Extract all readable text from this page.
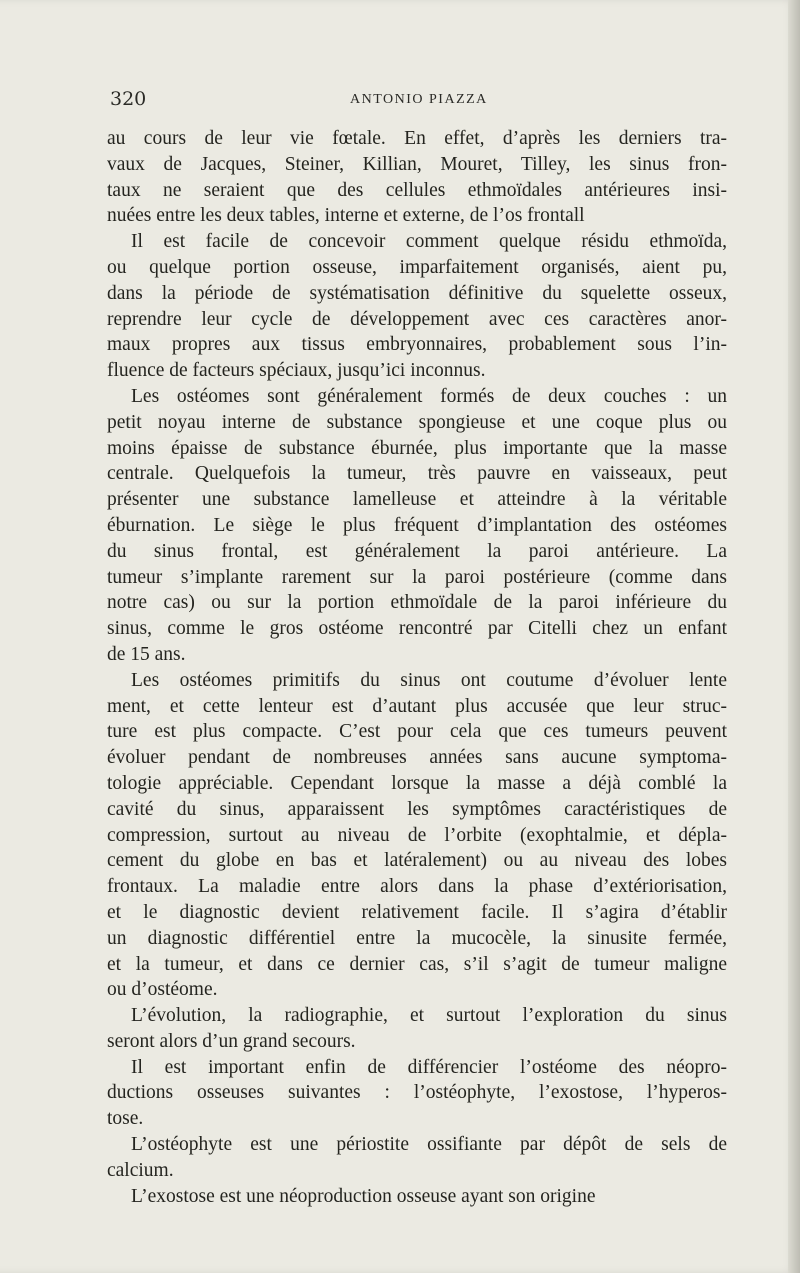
320	ANTONIO PIAZZA
au cours de leur vie fœtale. En effet, d’après les derniers tra-
vaux de Jacques, Steiner, Killian, Mouret, Tilley, les sinus fron-
taux ne seraient que des cellules ethmoïdales antérieures insi-
nuées entre les deux tables, interne et externe, de l’os frontall
Il est facile de concevoir comment quelque résidu ethmoïda,
ou quelque portion osseuse, imparfaitement organisés, aient pu,
dans la période de systématisation définitive du squelette osseux,
reprendre leur cycle de développement avec ces caractères anor-
maux propres aux tissus embryonnaires, probablement sous l’in-
fluence de facteurs spéciaux, jusqu’ici inconnus.
Les ostéomes sont généralement formés de deux couches : un
petit noyau interne de substance spongieuse et une coque plus ou
moins épaisse de substance éburnée, plus importante que la masse
centrale. Quelquefois la tumeur, très pauvre en vaisseaux, peut
présenter une substance lamelleuse et atteindre à la véritable
éburnation. Le siège le plus fréquent d’implantation des ostéomes
du sinus frontal, est généralement la paroi antérieure. La
tumeur s’implante rarement sur la paroi postérieure (comme dans
notre cas) ou sur la portion ethmoïdale de la paroi inférieure du
sinus, comme le gros ostéome rencontré par Citelli chez un enfant
de 15 ans.
Les ostéomes primitifs du sinus ont coutume d’évoluer lente
ment, et cette lenteur est d’autant plus accusée que leur struc-
ture est plus compacte. C’est pour cela que ces tumeurs peuvent
évoluer pendant de nombreuses années sans aucune symptoma-
tologie appréciable. Cependant lorsque la masse a déjà comblé la
cavité du sinus, apparaissent les symptômes caractéristiques de
compression, surtout au niveau de l’orbite (exophtalmie, et dépla-
cement du globe en bas et latéralement) ou au niveau des lobes
frontaux. La maladie entre alors dans la phase d’extériorisation,
et le diagnostic devient relativement facile. Il s’agira d’établir
un diagnostic différentiel entre la mucocèle, la sinusite fermée,
et la tumeur, et dans ce dernier cas, s’il s’agit de tumeur maligne
ou d’ostéome.
L’évolution, la radiographie, et surtout l’exploration du sinus
seront alors d’un grand secours.
Il est important enfin de différencier l’ostéome des néopro-
ductions osseuses suivantes : l’ostéophyte, l’exostose, l’hyperos-
tose.
L’ostéophyte est une périostite ossifiante par dépôt de sels de
calcium.
L’exostose est une néoproduction osseuse ayant son origine
